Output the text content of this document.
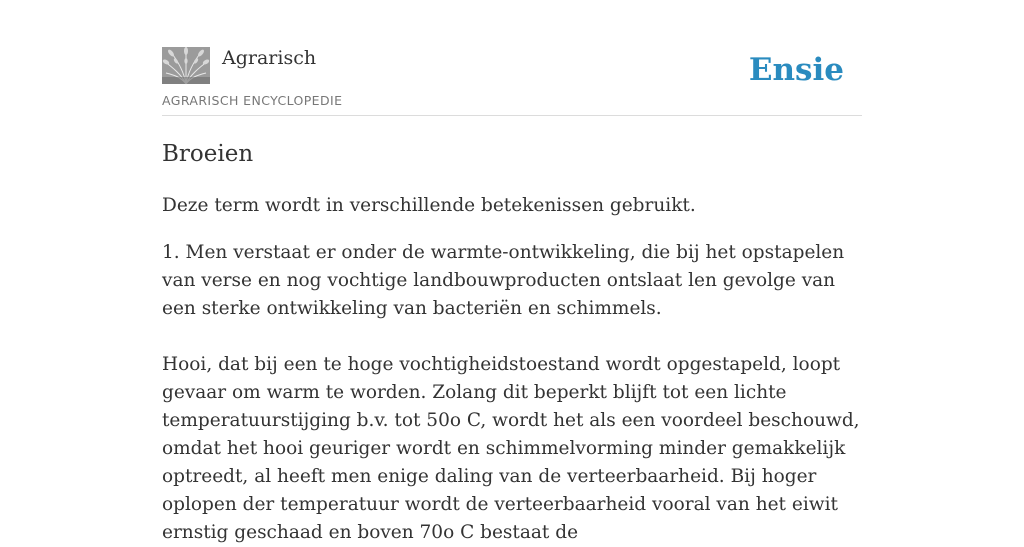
Agrarisch
AGRARISCH ENCYCLOPEDIE
Ensie
Broeien

Deze term wordt in verschillende betekenissen gebruikt.

1. Men verstaat er onder de warmte-ontwikkeling, die bij het opstapelen van verse en nog vochtige landbouwproducten ontslaat len gevolge van een sterke ontwikkeling van bacteriën en schimmels.

Hooi, dat bij een te hoge vochtigheidstoestand wordt opgestapeld, loopt gevaar om warm te worden. Zolang dit beperkt blijft tot een lichte temperatuurstijging b.v. tot 50o C, wordt het als een voordeel beschouwd, omdat het hooi geuriger wordt en schimmelvorming minder gemakkelijk optreedt, al heeft men enige daling van de verteerbaarheid. Bij hoger oplopen der temperatuur wordt de verteerbaarheid vooral van het eiwit ernstig geschaad en boven 70o C bestaat de
